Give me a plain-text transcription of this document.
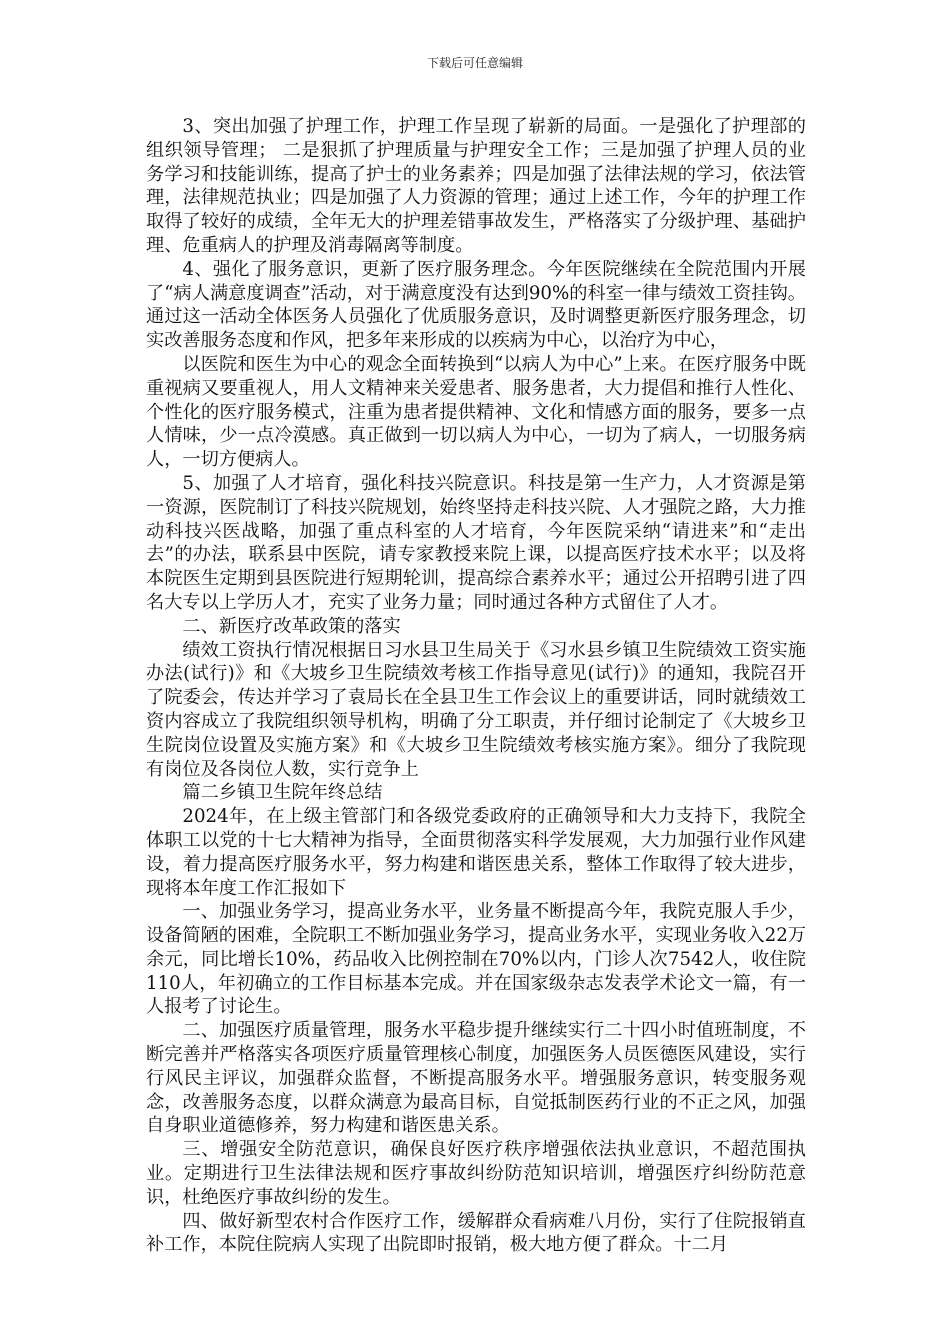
下载后可任意编辑

3、突出加强了护理工作，护理工作呈现了崭新的局面。一是强化了护理部的组织领导管理； 二是狠抓了护理质量与护理安全工作；三是加强了护理人员的业务学习和技能训练，提高了护士的业务素养；四是加强了法律法规的学习，依法管理，法律规范执业；四是加强了人力资源的管理；通过上述工作，今年的护理工作取得了较好的成绩，全年无大的护理差错事故发生，严格落实了分级护理、基础护理、危重病人的护理及消毒隔离等制度。

4、强化了服务意识，更新了医疗服务理念。今年医院继续在全院范围内开展了“病人满意度调查”活动，对于满意度没有达到90%的科室一律与绩效工资挂钩。通过这一活动全体医务人员强化了优质服务意识，及时调整更新医疗服务理念，切实改善服务态度和作风，把多年来形成的以疾病为中心，以治疗为中心，

以医院和医生为中心的观念全面转换到“以病人为中心”上来。在医疗服务中既重视病又要重视人，用人文精神来关爱患者、服务患者，大力提倡和推行人性化、个性化的医疗服务模式，注重为患者提供精神、文化和情感方面的服务，要多一点人情味，少一点冷漠感。真正做到一切以病人为中心，一切为了病人，一切服务病人，一切方便病人。

5、加强了人才培育，强化科技兴院意识。科技是第一生产力，人才资源是第一资源，医院制订了科技兴院规划，始终坚持走科技兴院、人才强院之路，大力推动科技兴医战略，加强了重点科室的人才培育，今年医院采纳“请进来”和“走出去”的办法，联系县中医院，请专家教授来院上课，以提高医疗技术水平；以及将本院医生定期到县医院进行短期轮训，提高综合素养水平；通过公开招聘引进了四名大专以上学历人才，充实了业务力量；同时通过各种方式留住了人才。

二、新医疗改革政策的落实

绩效工资执行情况根据日习水县卫生局关于《习水县乡镇卫生院绩效工资实施办法(试行)》和《大坡乡卫生院绩效考核工作指导意见(试行)》的通知，我院召开了院委会，传达并学习了袁局长在全县卫生工作会议上的重要讲话，同时就绩效工资内容成立了我院组织领导机构，明确了分工职责，并仔细讨论制定了《大坡乡卫生院岗位设置及实施方案》和《大坡乡卫生院绩效考核实施方案》。细分了我院现有岗位及各岗位人数，实行竞争上

篇二乡镇卫生院年终总结

2024年，在上级主管部门和各级党委政府的正确领导和大力支持下，我院全体职工以党的十七大精神为指导，全面贯彻落实科学发展观，大力加强行业作风建设，着力提高医疗服务水平，努力构建和谐医患关系，整体工作取得了较大进步，现将本年度工作汇报如下

一、加强业务学习，提高业务水平，业务量不断提高今年，我院克服人手少，设备简陋的困难，全院职工不断加强业务学习，提高业务水平，实现业务收入22万余元，同比增长10%，药品收入比例控制在70%以内，门诊人次7542人，收住院110人，年初确立的工作目标基本完成。并在国家级杂志发表学术论文一篇，有一人报考了讨论生。

二、加强医疗质量管理，服务水平稳步提升继续实行二十四小时值班制度，不断完善并严格落实各项医疗质量管理核心制度，加强医务人员医德医风建设，实行行风民主评议，加强群众监督，不断提高服务水平。增强服务意识，转变服务观念，改善服务态度，以群众满意为最高目标，自觉抵制医药行业的不正之风，加强自身职业道德修养，努力构建和谐医患关系。

三、增强安全防范意识，确保良好医疗秩序增强依法执业意识，不超范围执业。定期进行卫生法律法规和医疗事故纠纷防范知识培训，增强医疗纠纷防范意识，杜绝医疗事故纠纷的发生。

四、做好新型农村合作医疗工作，缓解群众看病难八月份，实行了住院报销直补工作，本院住院病人实现了出院即时报销，极大地方便了群众。十二月
